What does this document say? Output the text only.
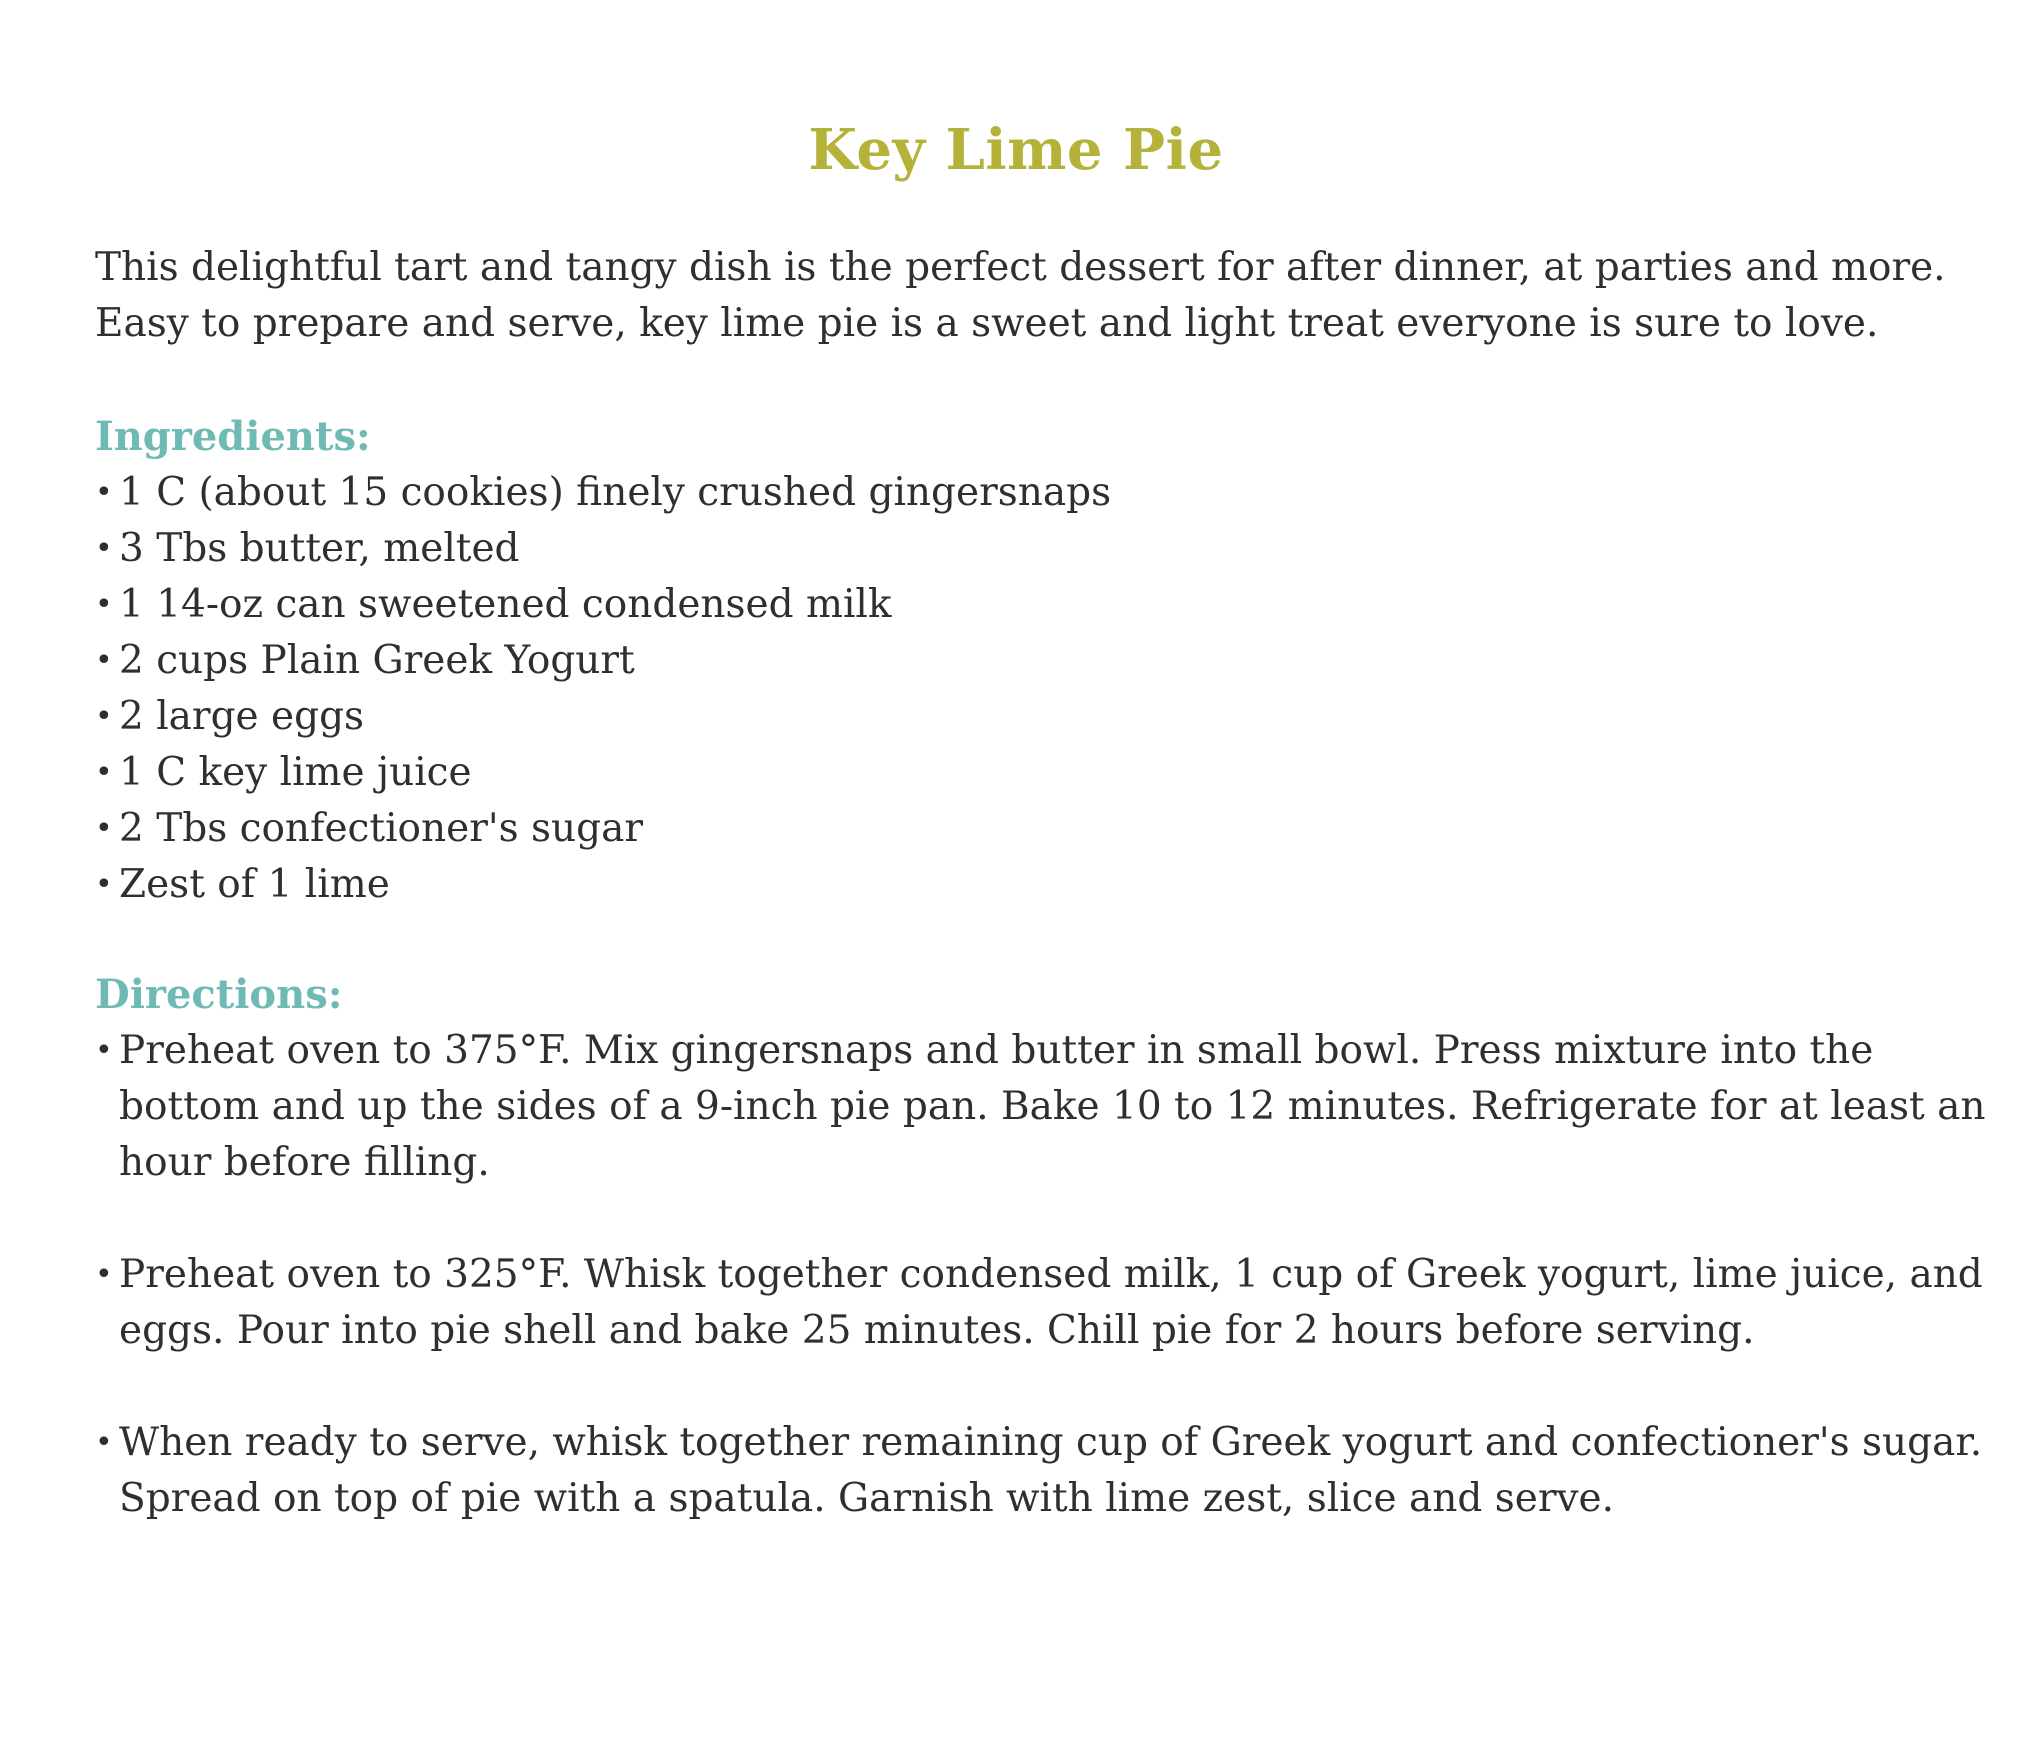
Key Lime Pie

This delightful tart and tangy dish is the perfect dessert for after dinner, at parties and more.
Easy to prepare and serve, key lime pie is a sweet and light treat everyone is sure to love.

Ingredients:
• 1 C (about 15 cookies) finely crushed gingersnaps
• 3 Tbs butter, melted
• 1 14-oz can sweetened condensed milk
• 2 cups Plain Greek Yogurt
• 2 large eggs
• 1 C key lime juice
• 2 Tbs confectioner's sugar
• Zest of 1 lime
Directions:
• Preheat oven to 375°F. Mix gingersnaps and butter in small bowl. Press mixture into the
bottom and up the sides of a 9-inch pie pan. Bake 10 to 12 minutes. Refrigerate for at least an
hour before filling.
• Preheat oven to 325°F. Whisk together condensed milk, 1 cup of Greek yogurt, lime juice, and
eggs. Pour into pie shell and bake 25 minutes. Chill pie for 2 hours before serving.
• When ready to serve, whisk together remaining cup of Greek yogurt and confectioner's sugar.
Spread on top of pie with a spatula. Garnish with lime zest, slice and serve.
